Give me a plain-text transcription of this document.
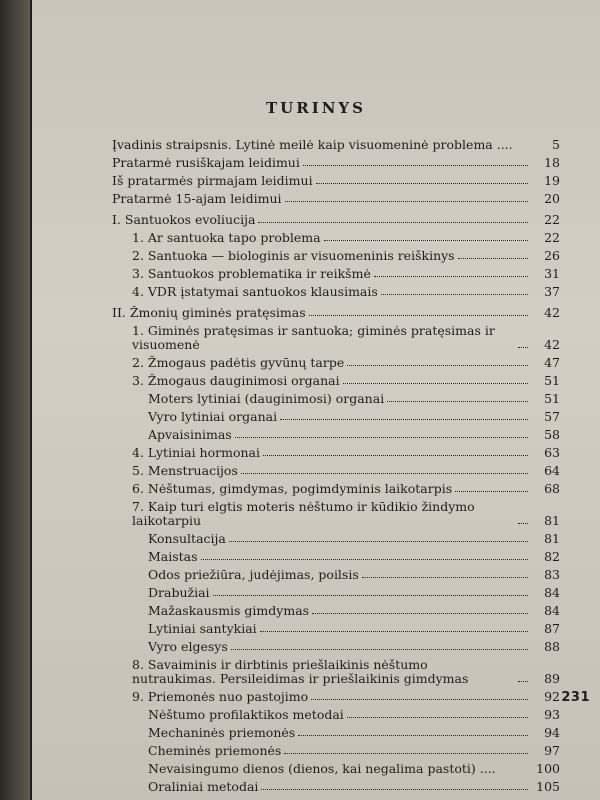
TURINYS
Įvadinis straipsnis. Lytinė meilė kaip visuomeninė problema ....	5
Pratarmė rusiškajam leidimui	18
Iš pratarmės pirmajam leidimui	19
Pratarmė 15-ajam leidimui	20
I. Santuokos evoliucija	22
1. Ar santuoka tapo problema	22
2. Santuoka — biologinis ar visuomeninis reiškinys	26
3. Santuokos problematika ir reikšmė	31
4. VDR įstatymai santuokos klausimais	37
II. Žmonių giminės pratęsimas	42
1. Giminės pratęsimas ir santuoka; giminės pratęsimas ir visuomenė	42
2. Žmogaus padėtis gyvūnų tarpe	47
3. Žmogaus dauginimosi organai	51
Moters lytiniai (dauginimosi) organai	51
Vyro lytiniai organai	57
Apvaisinimas	58
4. Lytiniai hormonai	63
5. Menstruacijos	64
6. Nėštumas, gimdymas, pogimdyminis laikotarpis	68
7. Kaip turi elgtis moteris nėštumo ir kūdikio žindymo laikotarpiu	81
Konsultacija	81
Maistas	82
Odos priežiūra, judėjimas, poilsis	83
Drabužiai	84
Mažaskausmis gimdymas	84
Lytiniai santykiai	87
Vyro elgesys	88
8. Savaiminis ir dirbtinis priešlaikinis nėštumo nutraukimas. Persileidimas ir priešlaikinis gimdymas	89
9. Priemonės nuo pastojimo	92
Nėštumo profilaktikos metodai	93
Mechaninės priemonės	94
Cheminės priemonės	97
Nevaisingumo dienos (dienos, kai negalima pastoti) ....	100
Oraliniai metodai	105
231
